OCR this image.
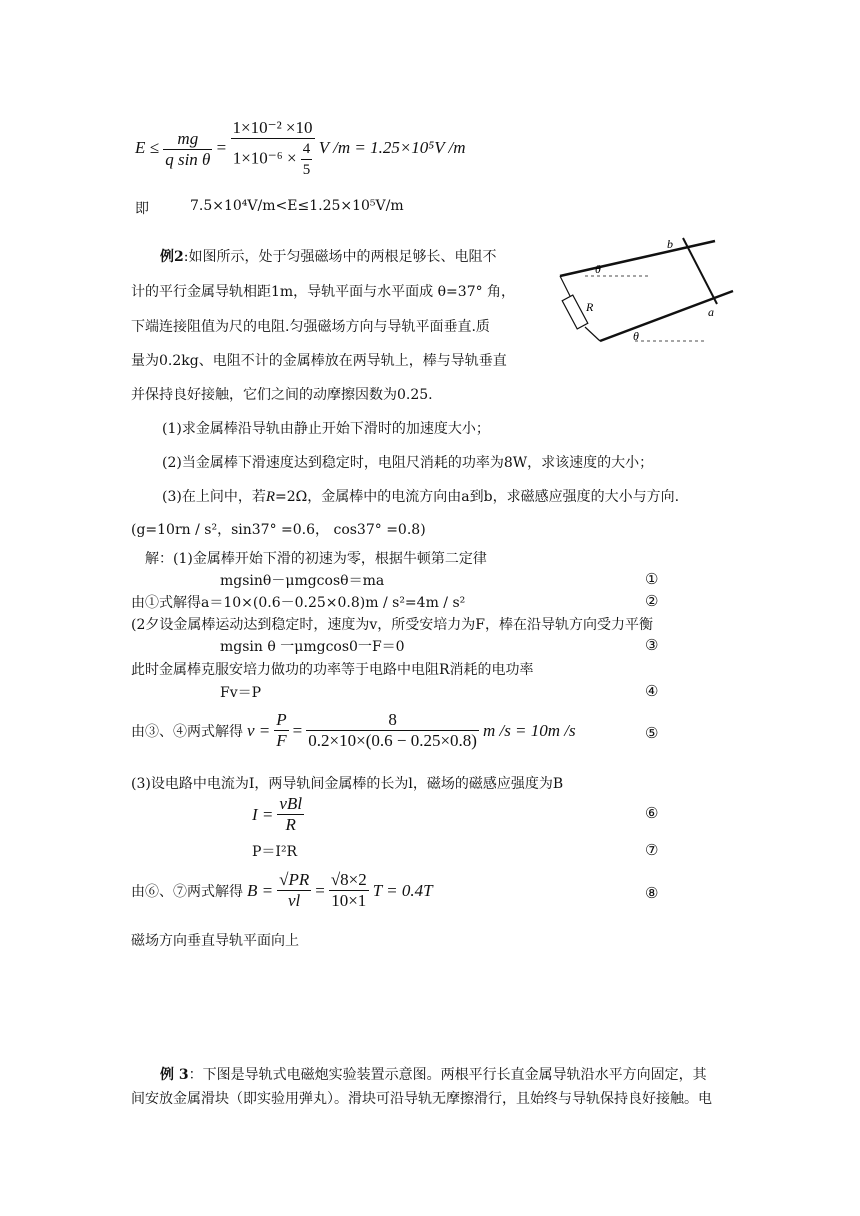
$E \le \frac{mg}{\text{q sin θ}} = \frac{\text{1×10⁻² ×10}}{1\times 10^{-6} \times \frac{4}{5}}$ V /m = 1.25×10⁵V /m
即	7.5×10⁴V/m<E≤1.25×10⁵V/m
例2:如图所示，处于匀强磁场中的两根足够长、电阻不
计的平行金属导轨相距1m，导轨平面与水平面成 θ=37° 角，
下端连接阻值为尺的电阻.匀强磁场方向与导轨平面垂直.质
量为0.2kg、电阻不计的金属棒放在两导轨上，棒与导轨垂直
并保持良好接触，它们之间的动摩擦因数为0.25.
θ
θ
b
a
R
(1)求金属棒沿导轨由静止开始下滑时的加速度大小；
(2)当金属棒下滑速度达到稳定时，电阻尺消耗的功率为8W，求该速度的大小；
(3)在上问中，若R=2Ω，金属棒中的电流方向由a到b，求磁感应强度的大小与方向.
(g=10rn / s²，sin37° =0.6， cos37° =0.8)
解：(1)金属棒开始下滑的初速为零，根据牛顿第二定律
mgsinθ－μmgcosθ＝ma	①
由①式解得a＝10×(0.6－0.25×0.8)m / s²=4m / s²	②
(2夕设金属棒运动达到稳定时，速度为v，所受安培力为F，棒在沿导轨方向受力平衡
mgsin θ 一μmgcos0一F＝0	③
此时金属棒克服安培力做功的功率等于电路中电阻R消耗的电功率
Fv＝P	④
由③、④两式解得 $v = \frac{P}{F} = \frac{8}{0.2\times 10\times(0.6 - 0.25\times 0.8)}$ m /s = 10m /s	⑤
(3)设电路中电流为I，两导轨间金属棒的长为l，磁场的磁感应强度为B
$I = \frac{\text{vBl}}{R}$	⑥
P＝I²R	⑦
由⑥、⑦两式解得 $B = \frac{√PR}{vl} = \frac{√8\times 2}{10\times 1}$ T = 0.4T	⑧
磁场方向垂直导轨平面向上
例 3：下图是导轨式电磁炮实验装置示意图。两根平行长直金属导轨沿水平方向固定，其
间安放金属滑块（即实验用弹丸）。滑块可沿导轨无摩擦滑行，且始终与导轨保持良好接触。电
